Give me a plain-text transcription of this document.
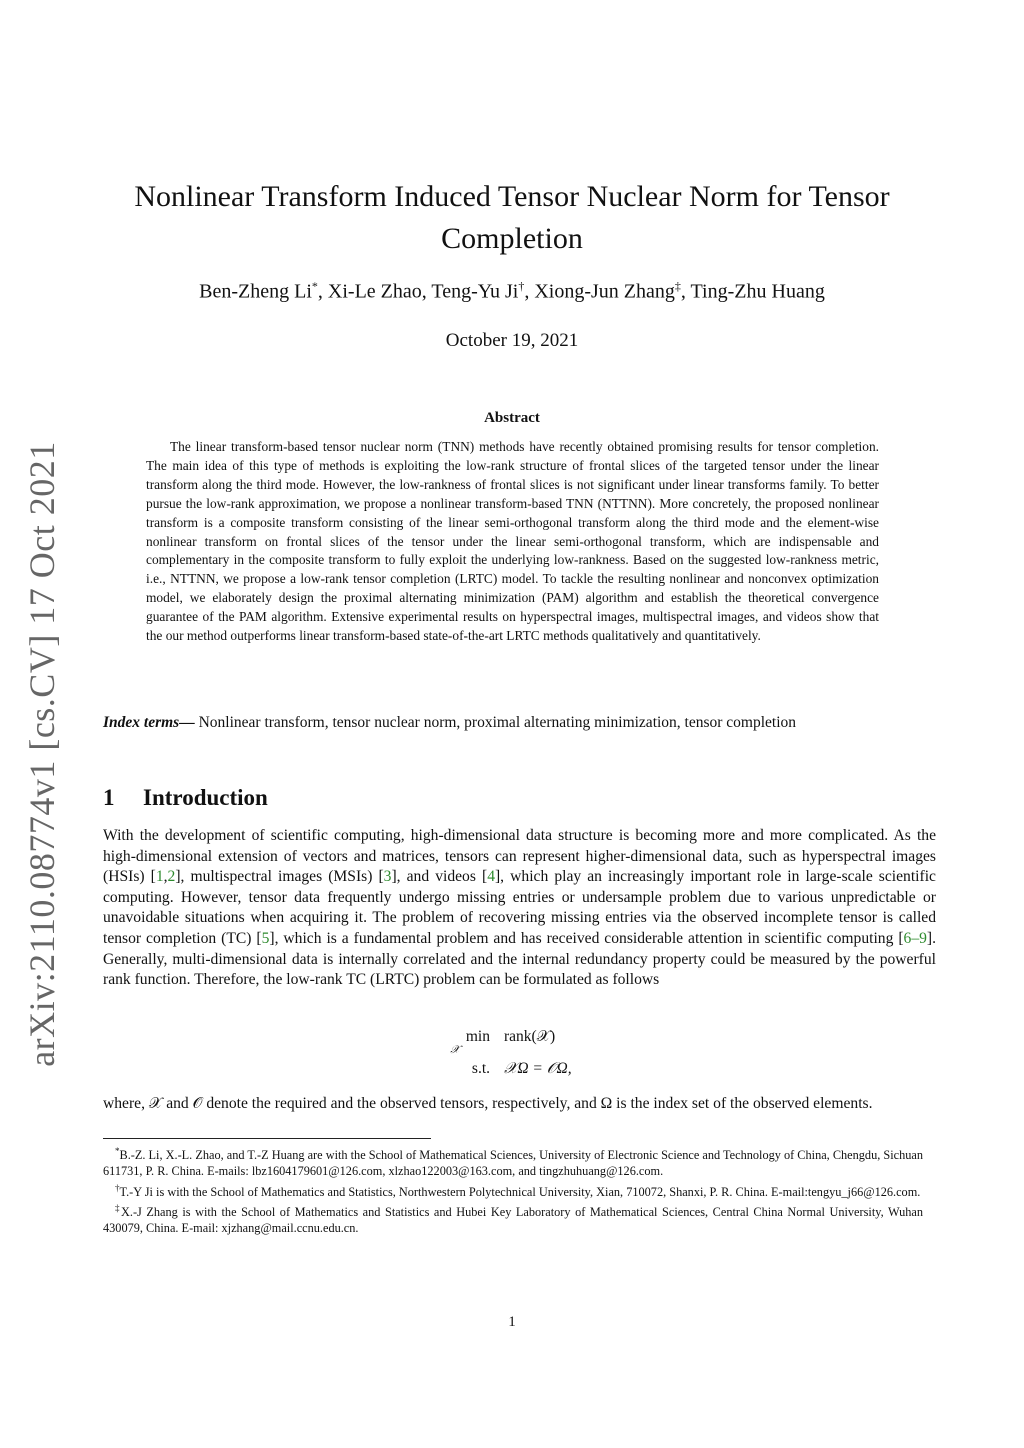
arXiv:2110.08774v1 [cs.CV] 17 Oct 2021
Nonlinear Transform Induced Tensor Nuclear Norm for Tensor Completion
Ben-Zheng Li*, Xi-Le Zhao, Teng-Yu Ji†, Xiong-Jun Zhang‡, Ting-Zhu Huang
October 19, 2021
Abstract

The linear transform-based tensor nuclear norm (TNN) methods have recently obtained promising results for tensor completion. The main idea of this type of methods is exploiting the low-rank structure of frontal slices of the targeted tensor under the linear transform along the third mode. However, the low-rankness of frontal slices is not significant under linear transforms family. To better pursue the low-rank approximation, we propose a nonlinear transform-based TNN (NTTNN). More concretely, the proposed nonlinear transform is a composite transform consisting of the linear semi-orthogonal transform along the third mode and the element-wise nonlinear transform on frontal slices of the tensor under the linear semi-orthogonal transform, which are indispensable and complementary in the composite transform to fully exploit the underlying low-rankness. Based on the suggested low-rankness metric, i.e., NTTNN, we propose a low-rank tensor completion (LRTC) model. To tackle the resulting nonlinear and nonconvex optimization model, we elaborately design the proximal alternating minimization (PAM) algorithm and establish the theoretical convergence guarantee of the PAM algorithm. Extensive experimental results on hyperspectral images, multispectral images, and videos show that the our method outperforms linear transform-based state-of-the-art LRTC methods qualitatively and quantitatively.

Index terms— Nonlinear transform, tensor nuclear norm, proximal alternating minimization, tensor completion
1 Introduction

With the development of scientific computing, high-dimensional data structure is becoming more and more complicated. As the high-dimensional extension of vectors and matrices, tensors can represent higher-dimensional data, such as hyperspectral images (HSIs) [1,2], multispectral images (MSIs) [3], and videos [4], which play an increasingly important role in large-scale scientific computing. However, tensor data frequently undergo missing entries or undersample problem due to various unpredictable or unavoidable situations when acquiring it. The problem of recovering missing entries via the observed incomplete tensor is called tensor completion (TC) [5], which is a fundamental problem and has received considerable attention in scientific computing [6–9]. Generally, multi-dimensional data is internally correlated and the internal redundancy property could be measured by the powerful rank function. Therefore, the low-rank TC (LRTC) problem can be formulated as follows

min
𝒳
rank(𝒳)
s.t. 𝒳Ω = 𝒪Ω,
where, 𝒳 and 𝒪 denote the required and the observed tensors, respectively, and Ω is the index set of the observed elements.

*B.-Z. Li, X.-L. Zhao, and T.-Z Huang are with the School of Mathematical Sciences, University of Electronic Science and Technology of China, Chengdu, Sichuan 611731, P. R. China. E-mails: lbz1604179601@126.com, xlzhao122003@163.com, and tingzhuhuang@126.com.

†T.-Y Ji is with the School of Mathematics and Statistics, Northwestern Polytechnical University, Xian, 710072, Shanxi, P. R. China. E-mail:tengyu_j66@126.com.

‡X.-J Zhang is with the School of Mathematics and Statistics and Hubei Key Laboratory of Mathematical Sciences, Central China Normal University, Wuhan 430079, China. E-mail: xjzhang@mail.ccnu.edu.cn.

1
